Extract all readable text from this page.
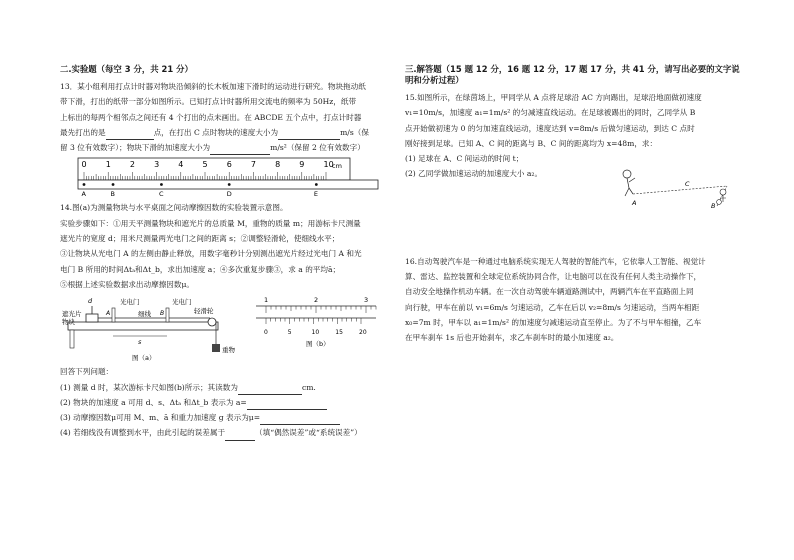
二.实验题（每空 3 分，共 21 分）

13．某小组利用打点计时器对物块沿倾斜的长木板加速下滑时的运动进行研究。物块拖动纸

带下滑，打出的纸带一部分如图所示。已知打点计时器所用交流电的频率为 50Hz，纸带

上标出的每两个相邻点之间还有 4 个打出的点未画出。在 ABCDE 五个点中，打点计时器

最先打出的是	点，在打出 C 点时物块的速度大小为	m/s（保

留 3 位有效数字）；物块下滑的加速度大小为	m/s²（保留 2 位有效数字）

0 1 2 3 4 5 6 7 8 9 10
cm
A	B	C	D	E

14.图(a)为测量物块与水平桌面之间动摩擦因数的实验装置示意图。

实验步骤如下：①用天平测量物块和遮光片的总质量 M，重物的质量 m；用游标卡尺测量

遮光片的宽度 d；用米尺测量两光电门之间的距离 s；②调整轻滑轮，使细线水平；

③让物块从光电门 A 的左侧由静止释放，用数字毫秒计分别测出遮光片经过光电门 A 和光

电门 B 所用的时间Δtₐ和Δt_b，求出加速度 a；④多次重复步骤③，求 a 的平均ā；

⑤根据上述实验数据求出动摩擦因数μ。

d	光电门	光电门
遮光片
物块
A	B
细线	轻滑轮
s
重物
图（a）
1	2	3
0	5	10	15	20
图（b）

回答下列问题：

(1) 测量 d 时，某次游标卡尺如图(b)所示；其读数为	cm.

(2) 物块的加速度 a 可用 d、s、Δtₐ 和Δt_b 表示为 a=

(3) 动摩擦因数μ可用 M、m、ā 和重力加速度 g 表示为μ=

(4) 若细线没有调整到水平，由此引起的误差属于	（填“偶然误差”或“系统误差”）

三.解答题（15 题 12 分，16 题 12 分，17 题 17 分，共 41 分，请写出必要的文字说
明和分析过程）

15.如图所示，在绿茵场上，甲同学从 A 点将足球沿 AC 方向踢出，足球沿地面做初速度

v₁=10m/s，加速度 a₁=1m/s² 的匀减速直线运动。在足球被踢出的同时，乙同学从 B

点开始做初速为 0 的匀加速直线运动，速度达到 v=8m/s 后做匀速运动，到达 C 点时

刚好接到足球。已知 A、C 间的距离与 B、C 间的距离均为 x=48m，求：

(1) 足球在 A、C 间运动的时间 t；

(2) 乙同学做加速运动的加速度大小 a₂。

A	B
C

16.自动驾驶汽车是一种通过电脑系统实现无人驾驶的智能汽车，它依靠人工智能、视觉计

算、雷达、监控装置和全球定位系统协同合作，让电脑可以在没有任何人类主动操作下，

自动安全地操作机动车辆。在一次自动驾驶车辆道路测试中，两辆汽车在平直路面上同

向行驶，甲车在前以 v₁=6m/s 匀速运动，乙车在后以 v₂=8m/s 匀速运动，当两车相距

x₀=7m 时，甲车以 a₁=1m/s² 的加速度匀减速运动直至停止。为了不与甲车相撞，乙车

在甲车刹车 1s 后也开始刹车，求乙车刹车时的最小加速度 a₂。
